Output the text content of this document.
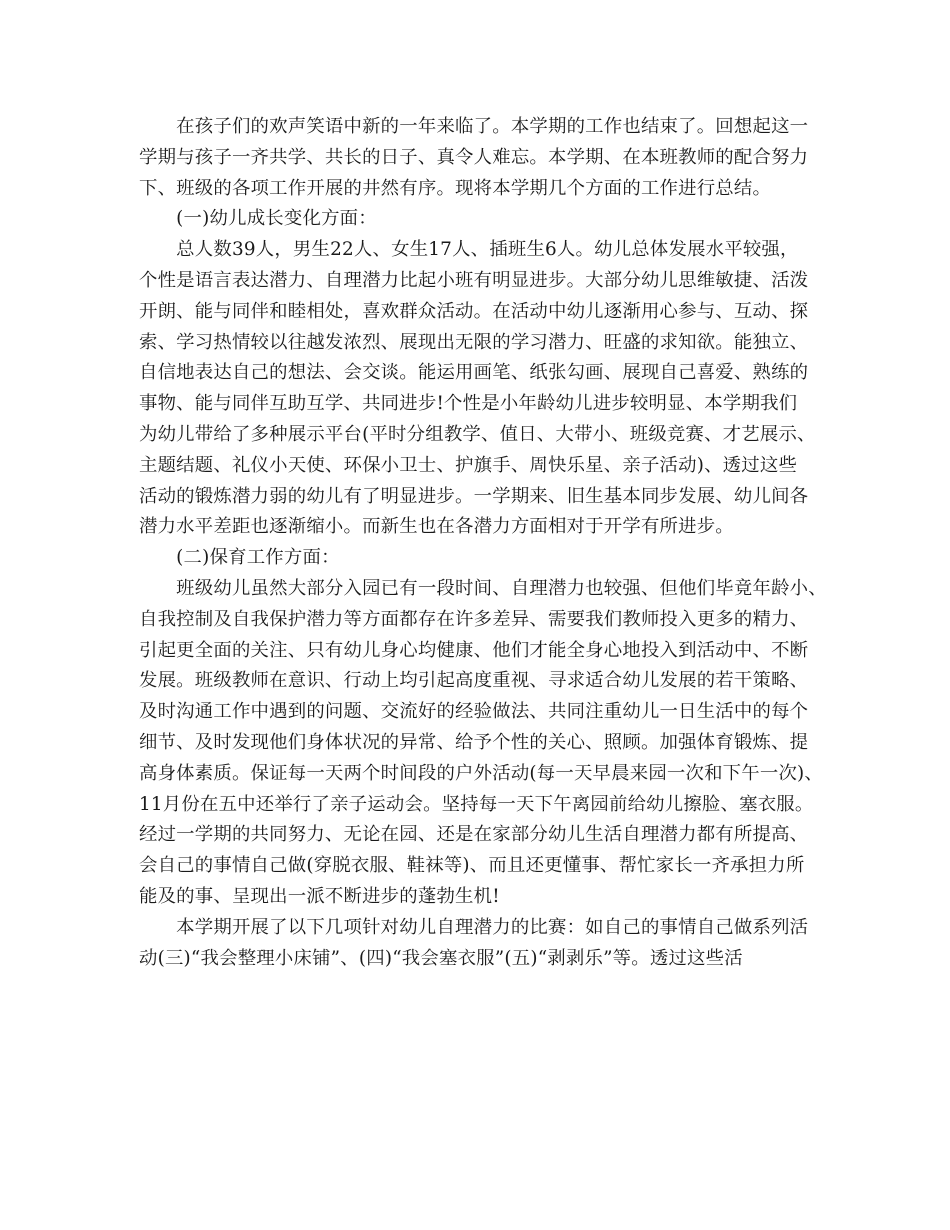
　　在孩子们的欢声笑语中新的一年来临了。本学期的工作也结束了。回想起这一
学期与孩子一齐共学、共长的日子、真令人难忘。本学期、在本班教师的配合努力
下、班级的各项工作开展的井然有序。现将本学期几个方面的工作进行总结。
　　(一)幼儿成长变化方面：
　　总人数39人，男生22人、女生17人、插班生6人。幼儿总体发展水平较强，
个性是语言表达潜力、自理潜力比起小班有明显进步。大部分幼儿思维敏捷、活泼
开朗、能与同伴和睦相处，喜欢群众活动。在活动中幼儿逐渐用心参与、互动、探
索、学习热情较以往越发浓烈、展现出无限的学习潜力、旺盛的求知欲。能独立、
自信地表达自己的想法、会交谈。能运用画笔、纸张勾画、展现自己喜爱、熟练的
事物、能与同伴互助互学、共同进步!个性是小年龄幼儿进步较明显、本学期我们
为幼儿带给了多种展示平台(平时分组教学、值日、大带小、班级竞赛、才艺展示、
主题结题、礼仪小天使、环保小卫士、护旗手、周快乐星、亲子活动)、透过这些
活动的锻炼潜力弱的幼儿有了明显进步。一学期来、旧生基本同步发展、幼儿间各
潜力水平差距也逐渐缩小。而新生也在各潜力方面相对于开学有所进步。
　　(二)保育工作方面：
　　班级幼儿虽然大部分入园已有一段时间、自理潜力也较强、但他们毕竟年龄小、
自我控制及自我保护潜力等方面都存在许多差异、需要我们教师投入更多的精力、
引起更全面的关注、只有幼儿身心均健康、他们才能全身心地投入到活动中、不断
发展。班级教师在意识、行动上均引起高度重视、寻求适合幼儿发展的若干策略、
及时沟通工作中遇到的问题、交流好的经验做法、共同注重幼儿一日生活中的每个
细节、及时发现他们身体状况的异常、给予个性的关心、照顾。加强体育锻炼、提
高身体素质。保证每一天两个时间段的户外活动(每一天早晨来园一次和下午一次)、
11月份在五中还举行了亲子运动会。坚持每一天下午离园前给幼儿擦脸、塞衣服。
经过一学期的共同努力、无论在园、还是在家部分幼儿生活自理潜力都有所提高、
会自己的事情自己做(穿脱衣服、鞋袜等)、而且还更懂事、帮忙家长一齐承担力所
能及的事、呈现出一派不断进步的蓬勃生机!
　　本学期开展了以下几项针对幼儿自理潜力的比赛：如自己的事情自己做系列活
动(三)“我会整理小床铺”、(四)“我会塞衣服”(五)“剥剥乐”等。透过这些活
